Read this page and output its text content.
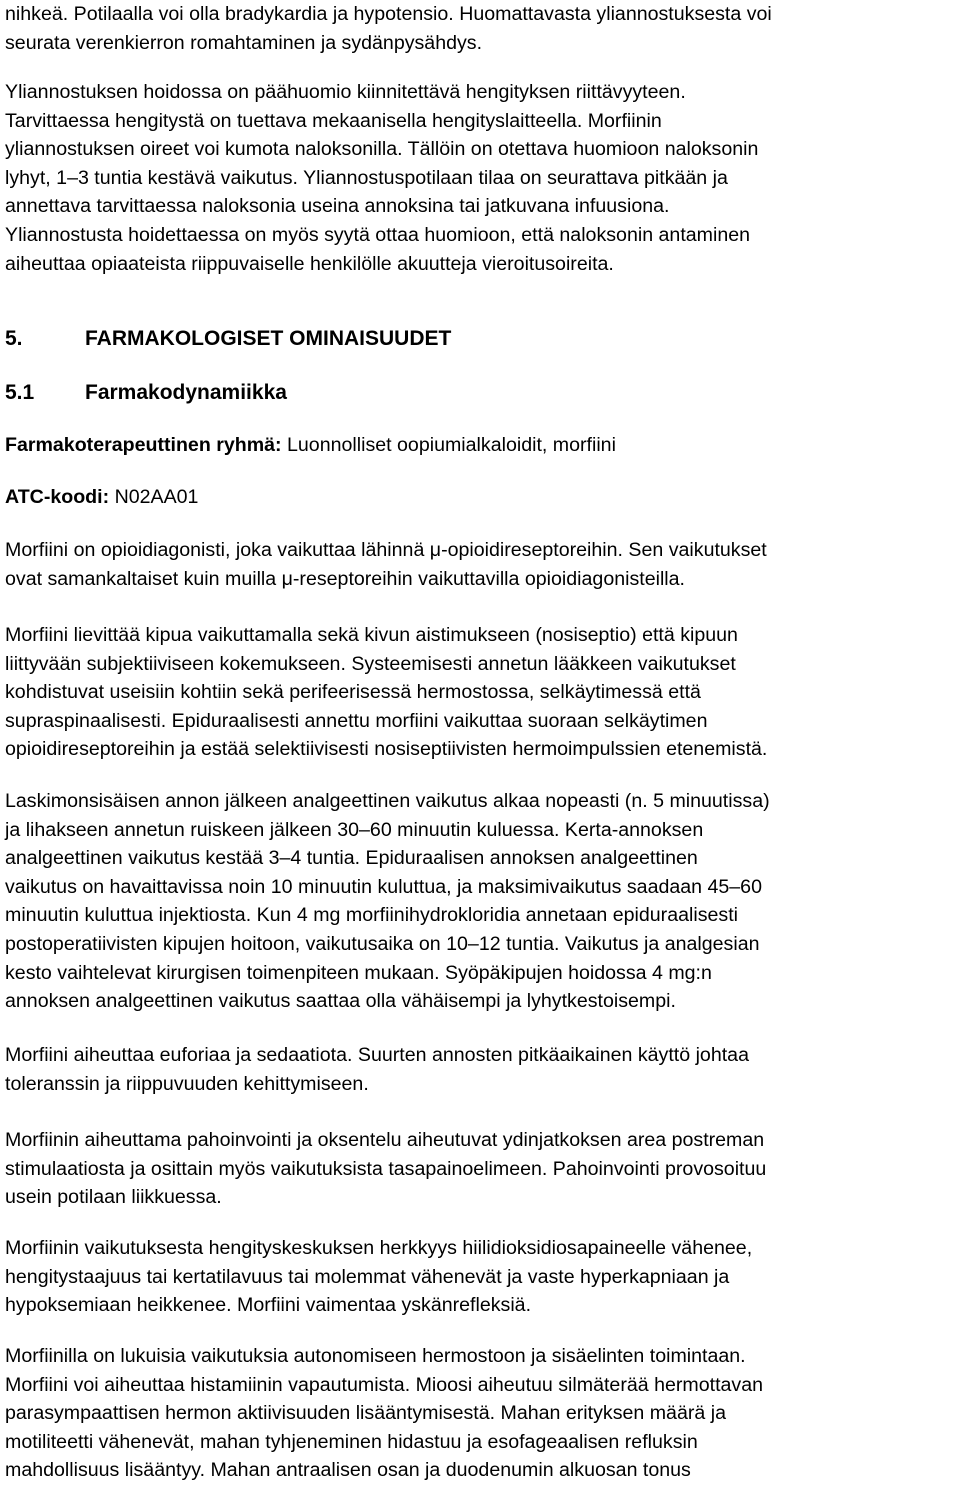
nihkeä. Potilaalla voi olla bradykardia ja hypotensio. Huomattavasta yliannostuksesta voi
seurata verenkierron romahtaminen ja sydänpysähdys.

Yliannostuksen hoidossa on päähuomio kiinnitettävä hengityksen riittävyyteen.
Tarvittaessa hengitystä on tuettava mekaanisella hengityslaitteella. Morfiinin
yliannostuksen oireet voi kumota naloksonilla. Tällöin on otettava huomioon naloksonin
lyhyt, 1–3 tuntia kestävä vaikutus. Yliannostuspotilaan tilaa on seurattava pitkään ja
annettava tarvittaessa naloksonia useina annoksina tai jatkuvana infuusiona.
Yliannostusta hoidettaessa on myös syytä ottaa huomioon, että naloksonin antaminen
aiheuttaa opiaateista riippuvaiselle henkilölle akuutteja vieroitusoireita.

5.	FARMAKOLOGISET OMINAISUUDET

5.1 Farmakodynamiikka

Farmakoterapeuttinen ryhmä: Luonnolliset oopiumialkaloidit, morfiini

ATC-koodi: N02AA01

Morfiini on opioidiagonisti, joka vaikuttaa lähinnä μ-opioidireseptoreihin. Sen vaikutukset
ovat samankaltaiset kuin muilla μ-reseptoreihin vaikuttavilla opioidiagonisteilla.

Morfiini lievittää kipua vaikuttamalla sekä kivun aistimukseen (nosiseptio) että kipuun
liittyvään subjektiiviseen kokemukseen. Systeemisesti annetun lääkkeen vaikutukset
kohdistuvat useisiin kohtiin sekä perifeerisessä hermostossa, selkäytimessä että
supraspinaalisesti. Epiduraalisesti annettu morfiini vaikuttaa suoraan selkäytimen
opioidireseptoreihin ja estää selektiivisesti nosiseptiivisten hermoimpulssien etenemistä.

Laskimonsisäisen annon jälkeen analgeettinen vaikutus alkaa nopeasti (n. 5 minuutissa)
ja lihakseen annetun ruiskeen jälkeen 30–60 minuutin kuluessa. Kerta-annoksen
analgeettinen vaikutus kestää 3–4 tuntia. Epiduraalisen annoksen analgeettinen
vaikutus on havaittavissa noin 10 minuutin kuluttua, ja maksimivaikutus saadaan 45–60
minuutin kuluttua injektiosta. Kun 4 mg morfiinihydrokloridia annetaan epiduraalisesti
postoperatiivisten kipujen hoitoon, vaikutusaika on 10–12 tuntia. Vaikutus ja analgesian
kesto vaihtelevat kirurgisen toimenpiteen mukaan. Syöpäkipujen hoidossa 4 mg:n
annoksen analgeettinen vaikutus saattaa olla vähäisempi ja lyhytkestoisempi.

Morfiini aiheuttaa euforiaa ja sedaatiota. Suurten annosten pitkäaikainen käyttö johtaa
toleranssin ja riippuvuuden kehittymiseen.

Morfiinin aiheuttama pahoinvointi ja oksentelu aiheutuvat ydinjatkoksen area postreman
stimulaatiosta ja osittain myös vaikutuksista tasapainoelimeen. Pahoinvointi provosoituu
usein potilaan liikkuessa.

Morfiinin vaikutuksesta hengityskeskuksen herkkyys hiilidioksidiosapaineelle vähenee,
hengitystaajuus tai kertatilavuus tai molemmat vähenevät ja vaste hyperkapniaan ja
hypoksemiaan heikkenee. Morfiini vaimentaa yskänrefleksiä.

Morfiinilla on lukuisia vaikutuksia autonomiseen hermostoon ja sisäelinten toimintaan.
Morfiini voi aiheuttaa histamiinin vapautumista. Mioosi aiheutuu silmäterää hermottavan
parasympaattisen hermon aktiivisuuden lisääntymisestä. Mahan erityksen määrä ja
motiliteetti vähenevät, mahan tyhjeneminen hidastuu ja esofageaalisen refluksin
mahdollisuus lisääntyy. Mahan antraalisen osan ja duodenumin alkuosan tonus
